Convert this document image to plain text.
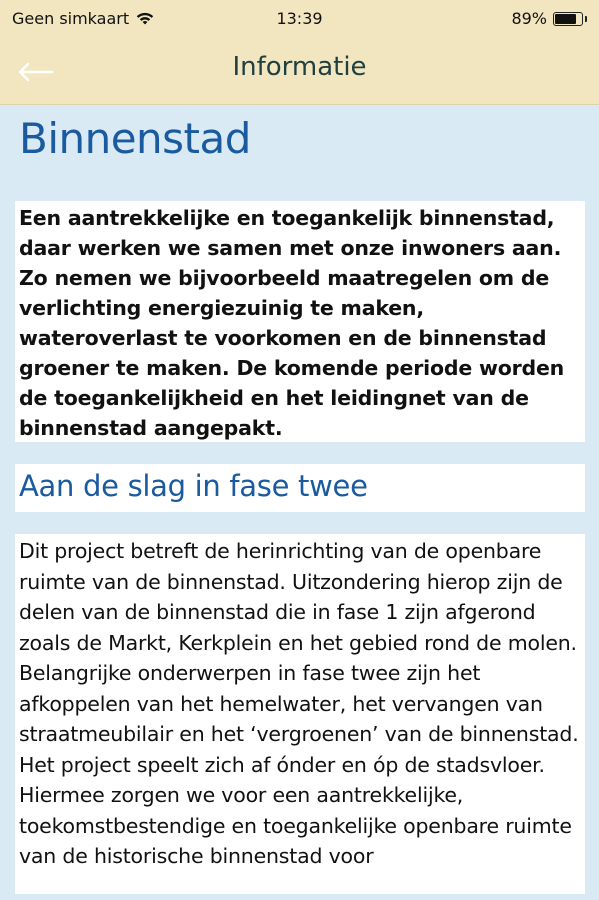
Geen simkaart	13:39	89%
Informatie
Binnenstad
Een aantrekkelijke en toegankelijk binnenstad, daar werken we samen met onze inwoners aan. Zo nemen we bijvoorbeeld maatregelen om de verlichting energiezuinig te maken, wateroverlast te voorkomen en de binnenstad groener te maken. De komende periode worden de toegankelijkheid en het leidingnet van de binnenstad aangepakt.
Aan de slag in fase twee
Dit project betreft de herinrichting van de openbare ruimte van de binnenstad. Uitzondering hierop zijn de delen van de binnenstad die in fase 1 zijn afgerond zoals de Markt, Kerkplein en het gebied rond de molen. Belangrijke onderwerpen in fase twee zijn het afkoppelen van het hemelwater, het vervangen van straatmeubilair en het ‘vergroenen’ van de binnenstad. Het project speelt zich af ónder en óp de stadsvloer. Hiermee zorgen we voor een aantrekkelijke, toekomstbestendige en toegankelijke openbare ruimte van de historische binnenstad voor
